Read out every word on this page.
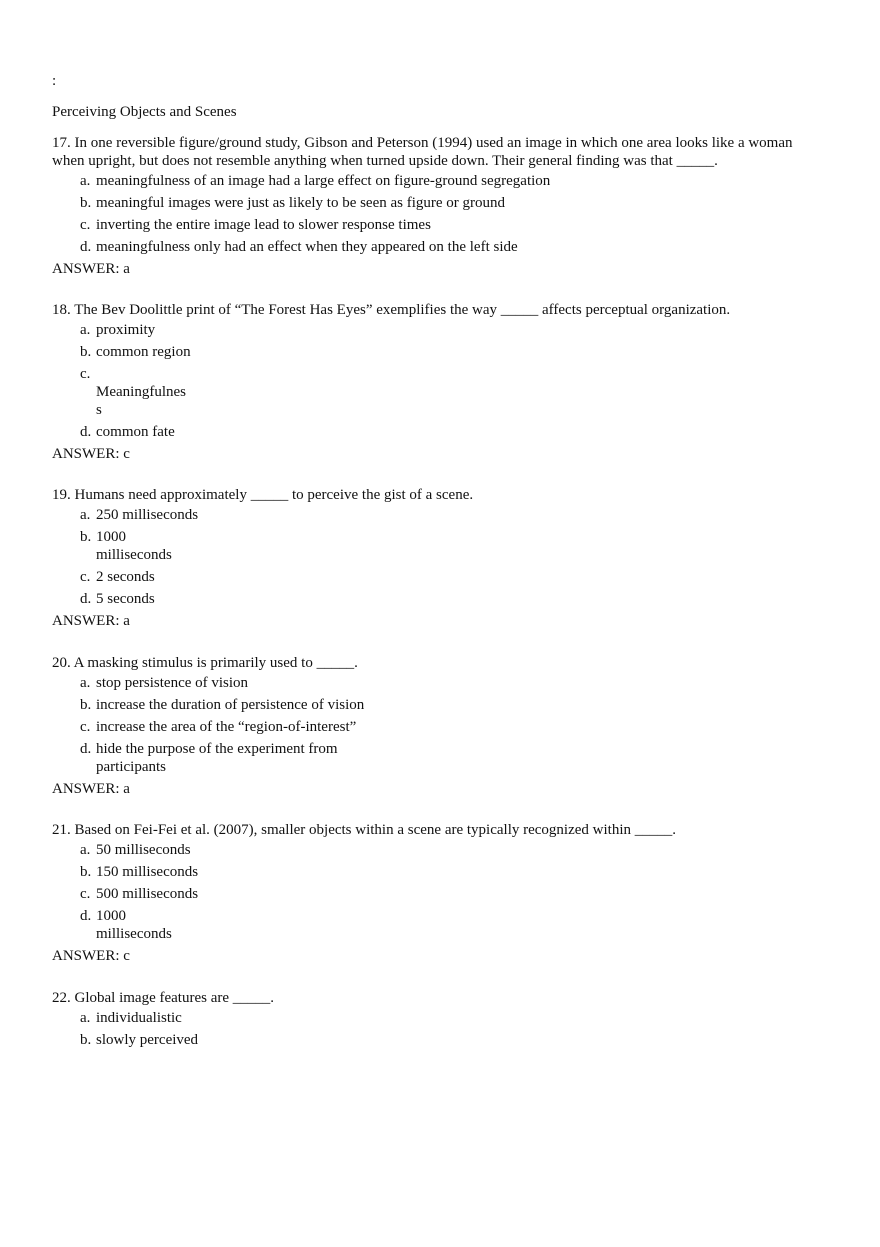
:
Perceiving Objects and Scenes

17. In one reversible figure/ground study, Gibson and Peterson (1994) used an image in which one area looks like a woman when upright, but does not resemble anything when turned upside down. Their general finding was that _____.

a. meaningfulness of an image had a large effect on figure-ground segregation
b. meaningful images were just as likely to be seen as figure or ground
c. inverting the entire image lead to slower response times
d. meaningfulness only had an effect when they appeared on the left side

ANSWER: a

18. The Bev Doolittle print of “The Forest Has Eyes” exemplifies the way _____ affects perceptual organization.

a. proximity
b. common region
c.

Meaningfulnes
s
d. common fate

ANSWER: c

19. Humans need approximately _____ to perceive the gist of a scene.

a. 250 milliseconds
b. 1000
milliseconds
c. 2 seconds
d. 5 seconds

ANSWER: a

20. A masking stimulus is primarily used to _____.

a. stop persistence of vision
b. increase the duration of persistence of vision
c. increase the area of the “region-of-interest”
d. hide the purpose of the experiment from
participants

ANSWER: a

21. Based on Fei-Fei et al. (2007), smaller objects within a scene are typically recognized within _____.

a. 50 milliseconds
b. 150 milliseconds
c. 500 milliseconds
d. 1000
milliseconds

ANSWER: c

22. Global image features are _____.

a. individualistic
b. slowly perceived
